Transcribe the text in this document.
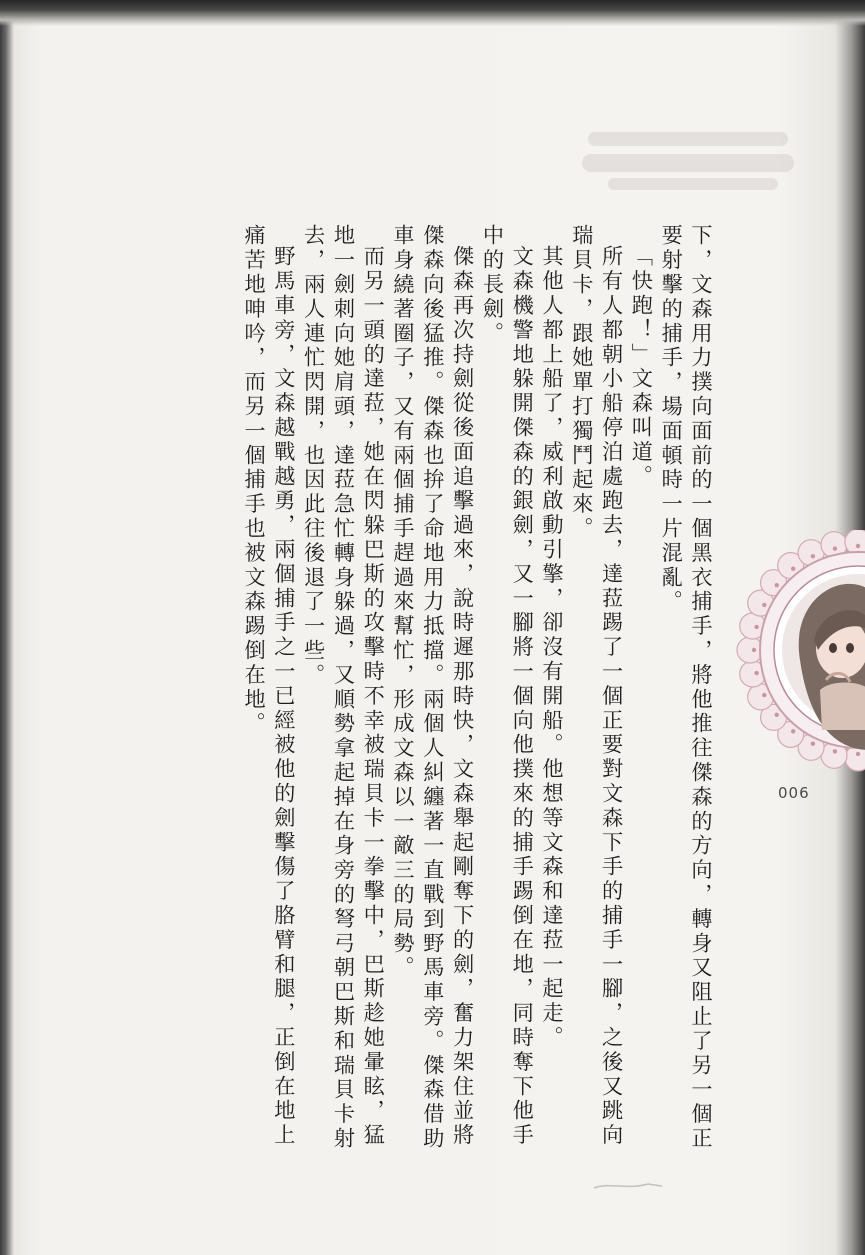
下，文森用力撲向面前的一個黑衣捕手，將他推往傑森的方向，轉身又阻止了另一個正要射擊的捕手，場面頓時一片混亂。

「快跑！」文森叫道。

所有人都朝小船停泊處跑去，達菈踢了一個正要對文森下手的捕手一腳，之後又跳向瑞貝卡，跟她單打獨鬥起來。

其他人都上船了，威利啟動引擎，卻沒有開船。他想等文森和達菈一起走。

文森機警地躲開傑森的銀劍，又一腳將一個向他撲來的捕手踢倒在地，同時奪下他手中的長劍。

傑森再次持劍從後面追擊過來，說時遲那時快，文森舉起剛奪下的劍，奮力架住並將傑森向後猛推。傑森也拚了命地用力抵擋。兩個人糾纏著一直戰到野馬車旁。傑森借助車身繞著圈子，又有兩個捕手趕過來幫忙，形成文森以一敵三的局勢。

而另一頭的達菈，她在閃躲巴斯的攻擊時不幸被瑞貝卡一拳擊中，巴斯趁她暈眩，猛地一劍刺向她肩頭，達菈急忙轉身躲過，又順勢拿起掉在身旁的弩弓朝巴斯和瑞貝卡射去，兩人連忙閃開，也因此往後退了一些。

野馬車旁，文森越戰越勇，兩個捕手之一已經被他的劍擊傷了胳臂和腿，正倒在地上痛苦地呻吟，而另一個捕手也被文森踢倒在地。

006
